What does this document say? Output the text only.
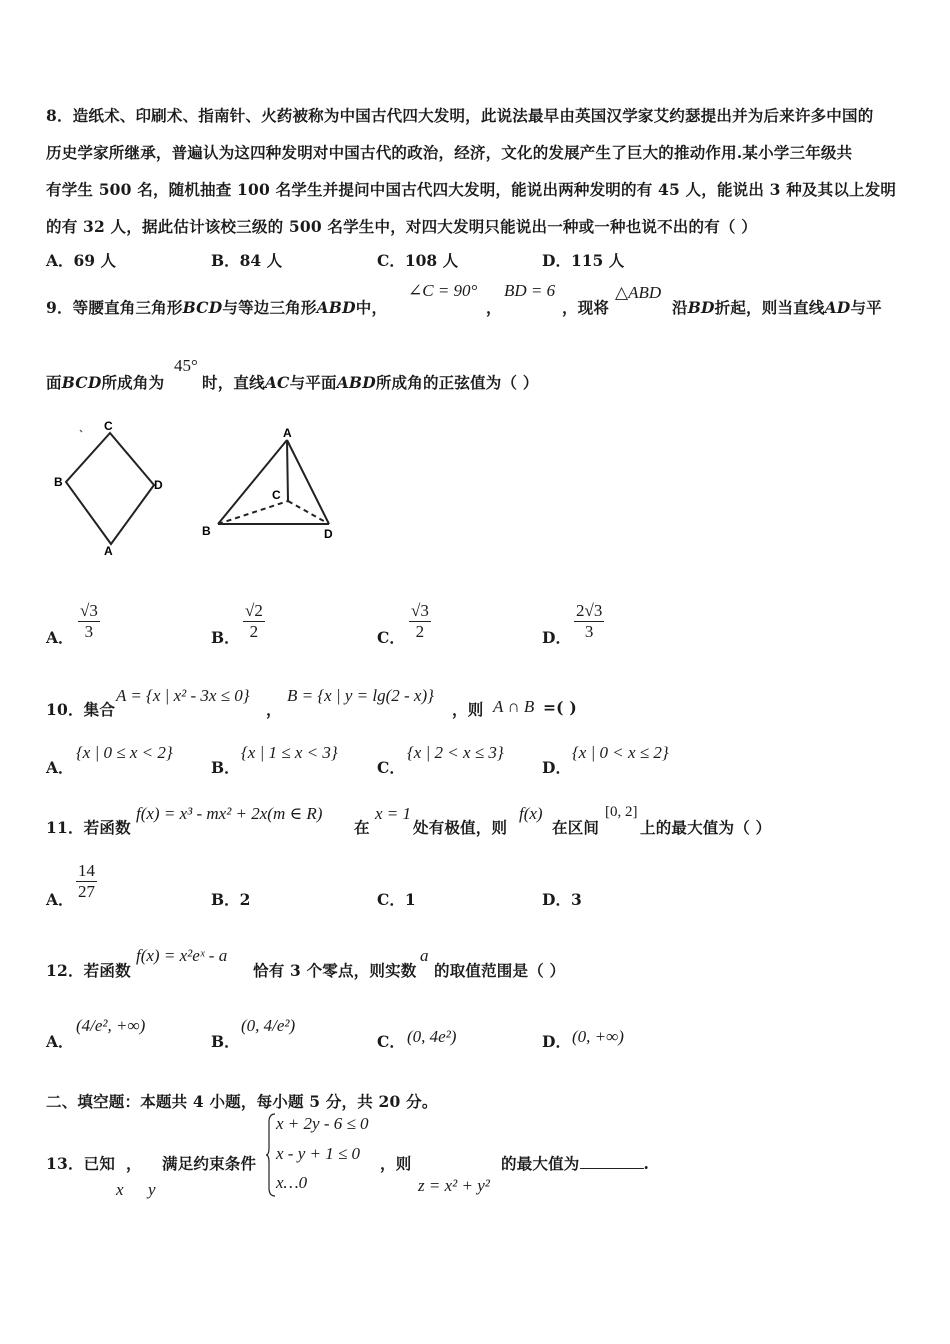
8．造纸术、印刷术、指南针、火药被称为中国古代四大发明，此说法最早由英国汉学家艾约瑟提出并为后来许多中国的
历史学家所继承，普遍认为这四种发明对中国古代的政治，经济，文化的发展产生了巨大的推动作用.某小学三年级共
有学生 500 名，随机抽查 100 名学生并提问中国古代四大发明，能说出两种发明的有 45 人，能说出 3 种及其以上发明
的有 32 人，据此估计该校三级的 500 名学生中，对四大发明只能说出一种或一种也说不出的有（ ）
A．69 人	B．84 人	C．108 人	D．115 人
9．等腰直角三角形BCD与等边三角形ABD中，
∠C = 90°
，
BD = 6
，现将
△ABD
沿BD折起，则当直线AD与平
面BCD所成角为
45°
时，直线AC与平面ABD所成角的正弦值为（ ）
C
B	D
A
A
C
B	D
A． $\frac{√3}{3}$	B． $\frac{√2}{2}$	C． $\frac{√3}{2}$	D． $\frac{2√3}{3}$
10．集合
A = {x | x² - 3x ≤ 0}
，
B = {x | y = lg(2 - x)}
，则 A ∩ B =( )
A．
{x | 0 ≤ x < 2}
B．
{x | 1 ≤ x < 3}
C．
{x | 2 < x ≤ 3}
D．
{x | 0 < x ≤ 2}
11．若函数
f(x) = x³ - mx² + 2x(m ∈ R)
在
x = 1
处有极值，则
f(x)
在区间
[0, 2]
上的最大值为（ ）
A． $\frac{14}{27}$	B．2	C．1	D．3
12．若函数
f(x) = x²eˣ - a
恰有 3 个零点，则实数
a
的取值范围是（ ）
A．
(4/e², +∞)
B．
(0, 4/e²)
C． (0, 4e²)	D． (0, +∞)
二、填空题：本题共 4 小题，每小题 5 分，共 20 分。
13．已知 ， 满足约束条件
x y
x + 2y - 6 ≤ 0
x - y + 1 ≤ 0
x…0
，则
z = x² + y²
的最大值为	.
